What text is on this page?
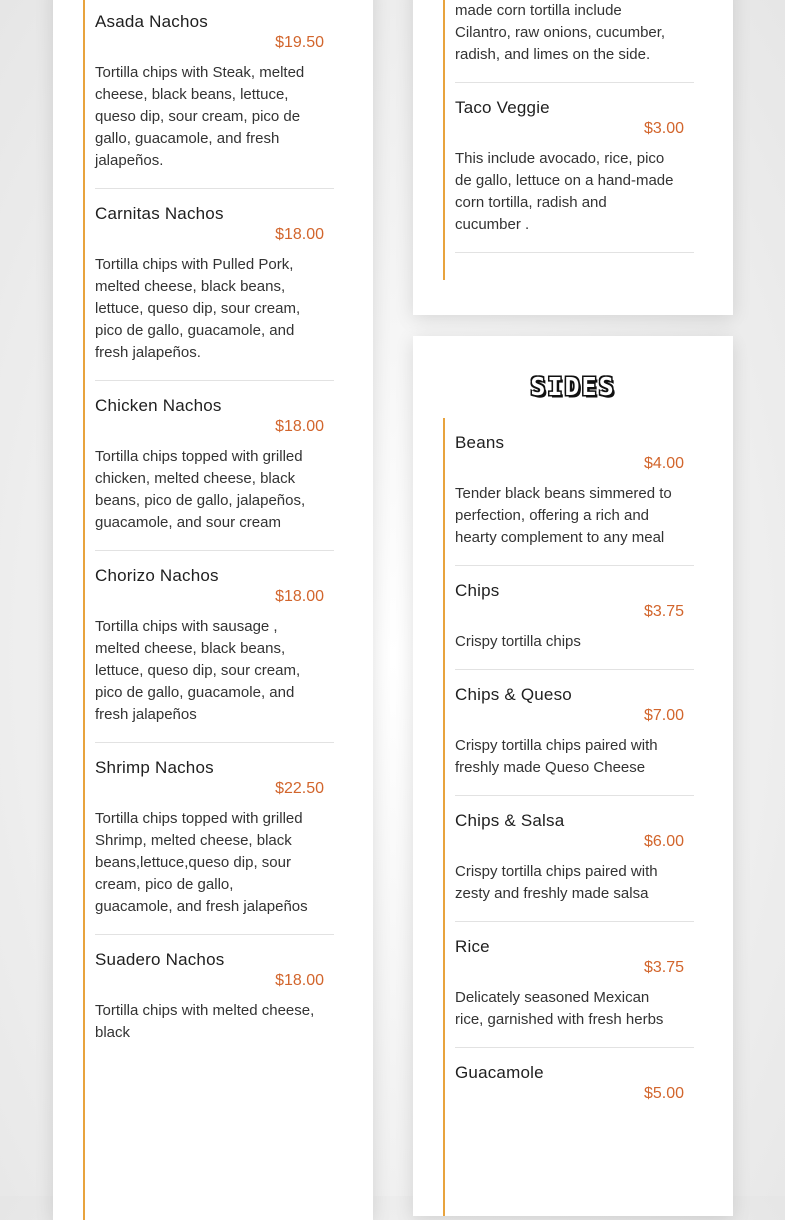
Asada Nachos
$19.50
Tortilla chips with Steak, melted cheese, black beans, lettuce, queso dip, sour cream, pico de gallo, guacamole, and fresh jalapeños.
Carnitas Nachos
$18.00
Tortilla chips with Pulled Pork, melted cheese, black beans, lettuce, queso dip, sour cream, pico de gallo, guacamole, and fresh jalapeños.
Chicken Nachos
$18.00
Tortilla chips topped with grilled chicken, melted cheese, black beans, pico de gallo, jalapeños, guacamole, and sour cream
Chorizo Nachos
$18.00
Tortilla chips with sausage , melted cheese, black beans, lettuce, queso dip, sour cream, pico de gallo, guacamole, and fresh jalapeños
Shrimp Nachos
$22.50
Tortilla chips topped with grilled Shrimp, melted cheese, black beans,lettuce,queso dip, sour cream, pico de gallo, guacamole, and fresh jalapeños
Suadero Nachos
$18.00
Tortilla chips with melted cheese, black
made corn tortilla include Cilantro, raw onions, cucumber, radish, and limes on the side.
Taco Veggie
$3.00
This include avocado, rice, pico de gallo, lettuce on a hand-made corn tortilla, radish and cucumber .
SIDES
Beans
$4.00
Tender black beans simmered to perfection, offering a rich and hearty complement to any meal
Chips
$3.75
Crispy tortilla chips
Chips & Queso
$7.00
Crispy tortilla chips paired with freshly made Queso Cheese
Chips & Salsa
$6.00
Crispy tortilla chips paired with zesty and freshly made salsa
Rice
$3.75
Delicately seasoned Mexican rice, garnished with fresh herbs
Guacamole
$5.00
